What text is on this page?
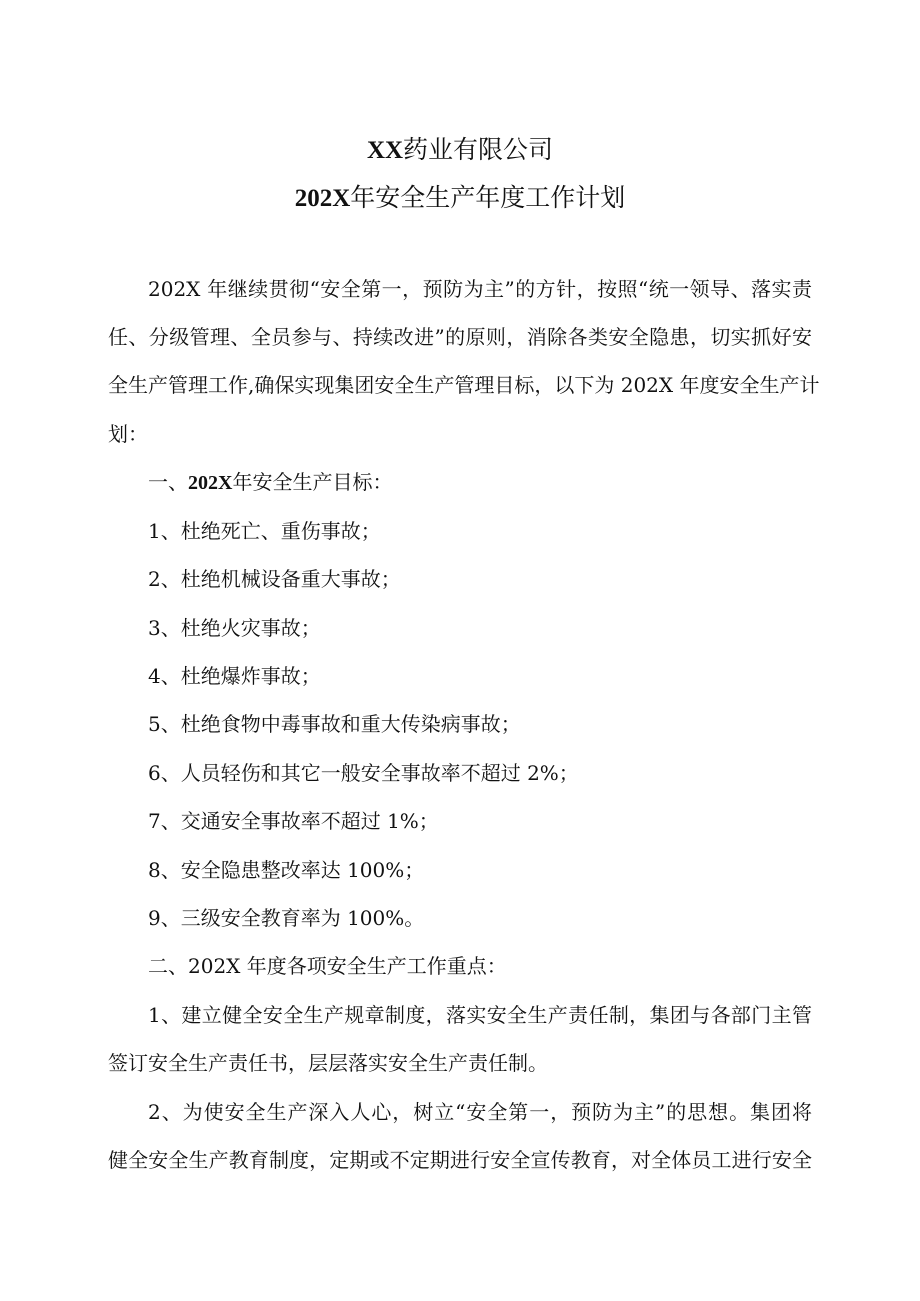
XX药业有限公司
202X年安全生产年度工作计划
202X 年继续贯彻“安全第一，预防为主”的方针，按照“统一领导、落实责
任、分级管理、全员参与、持续改进”的原则，消除各类安全隐患，切实抓好安
全生产管理工作,确保实现集团安全生产管理目标，以下为 202X 年度安全生产计
划：
一、202X年安全生产目标：
1、杜绝死亡、重伤事故；
2、杜绝机械设备重大事故；
3、杜绝火灾事故；
4、杜绝爆炸事故；
5、杜绝食物中毒事故和重大传染病事故；
6、人员轻伤和其它一般安全事故率不超过 2%；
7、交通安全事故率不超过 1%；
8、安全隐患整改率达 100%；
9、三级安全教育率为 100%。
二、202X 年度各项安全生产工作重点：
1、建立健全安全生产规章制度，落实安全生产责任制，集团与各部门主管
签订安全生产责任书，层层落实安全生产责任制。
2、为使安全生产深入人心，树立“安全第一，预防为主”的思想。集团将
健全安全生产教育制度，定期或不定期进行安全宣传教育，对全体员工进行安全
